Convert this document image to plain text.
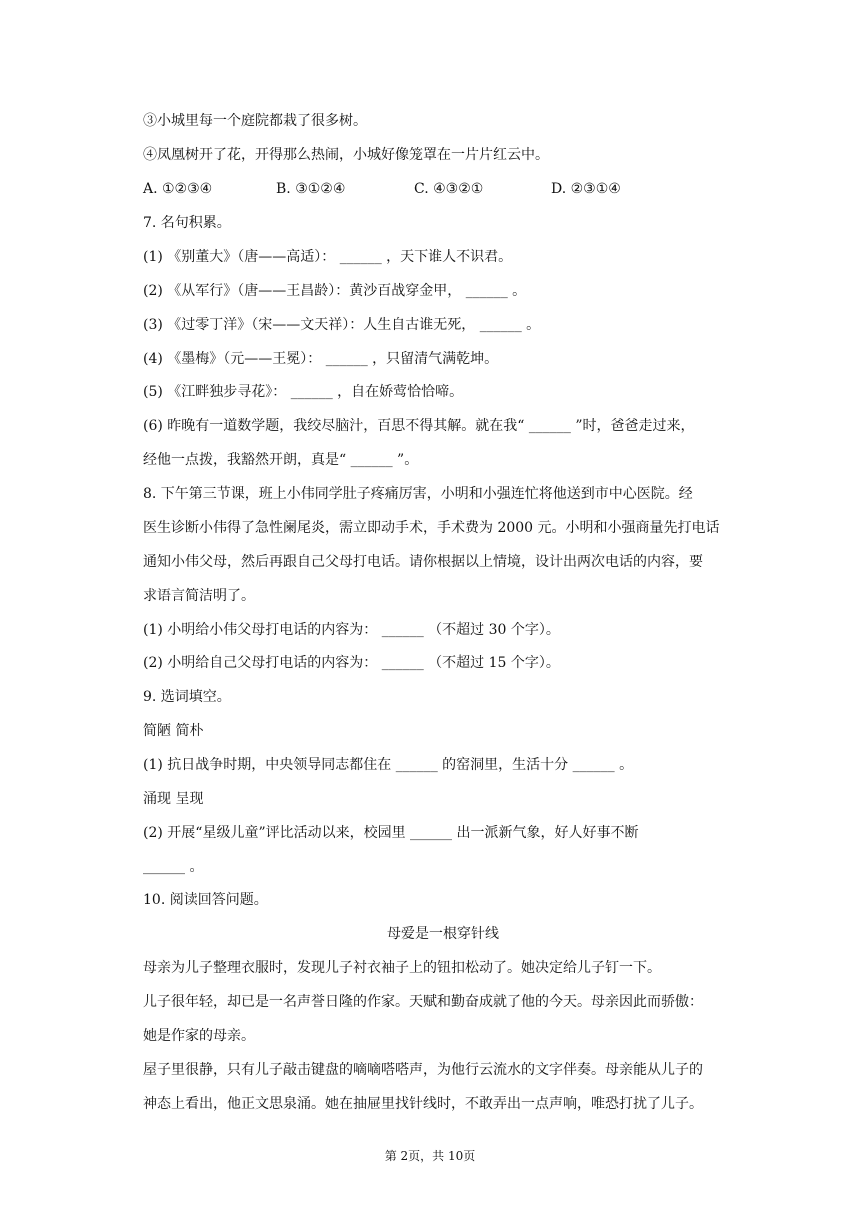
③小城里每一个庭院都栽了很多树。
④凤凰树开了花，开得那么热闹，小城好像笼罩在一片片红云中。
A. ①②③④	B. ③①②④	C. ④③②①	D. ②③①④
7. 名句积累。
(1) 《别董大》（唐——高适）： ______ ，天下谁人不识君。
(2) 《从军行》（唐——王昌龄）：黄沙百战穿金甲， ______ 。
(3) 《过零丁洋》（宋——文天祥）：人生自古谁无死， ______ 。
(4) 《墨梅》（元——王冕）： ______ ，只留清气满乾坤。
(5) 《江畔独步寻花》： ______ ，自在娇莺恰恰啼。
(6) 昨晚有一道数学题，我绞尽脑汁，百思不得其解。就在我“ ______ ”时，爸爸走过来，
经他一点拨，我豁然开朗，真是“ ______ ”。
8. 下午第三节课，班上小伟同学肚子疼痛厉害，小明和小强连忙将他送到市中心医院。经
医生诊断小伟得了急性阑尾炎，需立即动手术，手术费为 2000 元。小明和小强商量先打电话
通知小伟父母，然后再跟自己父母打电话。请你根据以上情境，设计出两次电话的内容，要
求语言简洁明了。
(1) 小明给小伟父母打电话的内容为： ______ （不超过 30 个字）。
(2) 小明给自己父母打电话的内容为： ______ （不超过 15 个字）。
9. 选词填空。
简陋 简朴
(1) 抗日战争时期，中央领导同志都住在 ______ 的窑洞里，生活十分 ______ 。
涌现 呈现
(2) 开展“星级儿童”评比活动以来，校园里 ______ 出一派新气象，好人好事不断
______ 。
10. 阅读回答问题。
母爱是一根穿针线
母亲为儿子整理衣服时，发现儿子衬衣袖子上的钮扣松动了。她决定给儿子钉一下。
儿子很年轻，却已是一名声誉日隆的作家。天赋和勤奋成就了他的今天。母亲因此而骄傲：
她是作家的母亲。
屋子里很静，只有儿子敲击键盘的嘀嘀嗒嗒声，为他行云流水的文字伴奏。母亲能从儿子的
神态上看出，他正文思泉涌。她在抽屉里找针线时，不敢弄出一点声响，唯恐打扰了儿子。
第 2页，共 10页
